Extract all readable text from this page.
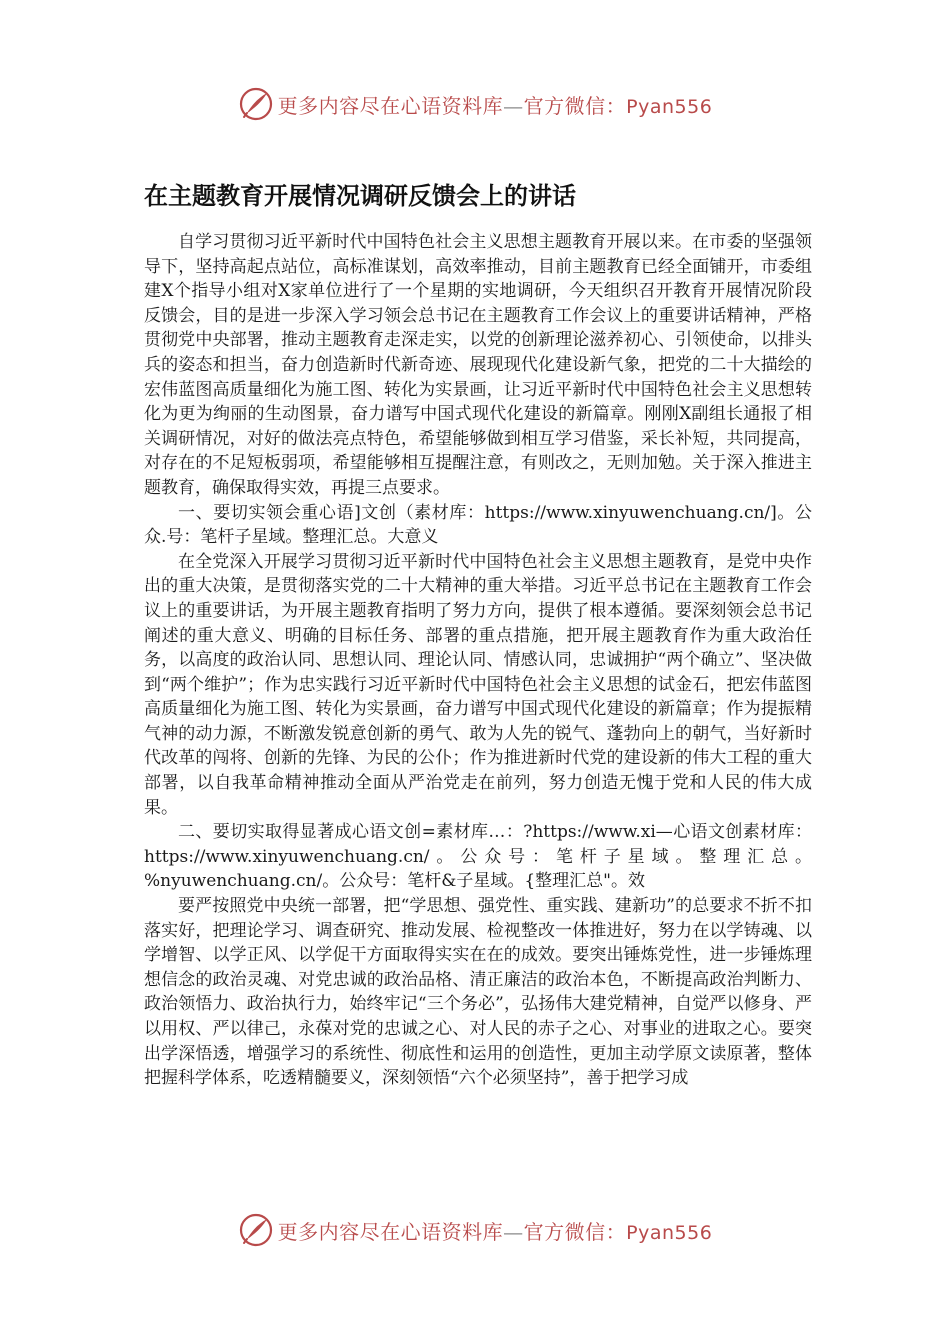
更多内容尽在心语资料库—官方微信：Pyan556
在主题教育开展情况调研反馈会上的讲话

自学习贯彻习近平新时代中国特色社会主义思想主题教育开展以来。在市委的坚强领导下，坚持高起点站位，高标准谋划，高效率推动，目前主题教育已经全面铺开，市委组建X个指导小组对X家单位进行了一个星期的实地调研，今天组织召开教育开展情况阶段反馈会，目的是进一步深入学习领会总书记在主题教育工作会议上的重要讲话精神，严格贯彻党中央部署，推动主题教育走深走实，以党的创新理论滋养初心、引领使命，以排头兵的姿态和担当，奋力创造新时代新奇迹、展现现代化建设新气象，把党的二十大描绘的宏伟蓝图高质量细化为施工图、转化为实景画，让习近平新时代中国特色社会主义思想转化为更为绚丽的生动图景，奋力谱写中国式现代化建设的新篇章。刚刚X副组长通报了相关调研情况，对好的做法亮点特色，希望能够做到相互学习借鉴，采长补短，共同提高，对存在的不足短板弱项，希望能够相互提醒注意，有则改之，无则加勉。关于深入推进主题教育，确保取得实效，再提三点要求。

一、要切实领会重心语]文创（素材库：https://www.xinyuwenchuang.cn/]。公众.号：笔杆子星域。整理汇总。大意义

在全党深入开展学习贯彻习近平新时代中国特色社会主义思想主题教育，是党中央作出的重大决策，是贯彻落实党的二十大精神的重大举措。习近平总书记在主题教育工作会议上的重要讲话，为开展主题教育指明了努力方向，提供了根本遵循。要深刻领会总书记阐述的重大意义、明确的目标任务、部署的重点措施，把开展主题教育作为重大政治任务，以高度的政治认同、思想认同、理论认同、情感认同，忠诚拥护“两个确立”、坚决做到“两个维护”；作为忠实践行习近平新时代中国特色社会主义思想的试金石，把宏伟蓝图高质量细化为施工图、转化为实景画，奋力谱写中国式现代化建设的新篇章；作为提振精气神的动力源，不断激发锐意创新的勇气、敢为人先的锐气、蓬勃向上的朝气，当好新时代改革的闯将、创新的先锋、为民的公仆；作为推进新时代党的建设新的伟大工程的重大部署，以自我革命精神推动全面从严治党走在前列，努力创造无愧于党和人民的伟大成果。

二、要切实取得显著成心语文创=素材库…：?https://www.xi—心语文创素材库：https://www.xinyuwenchuang.cn/。公众号：笔杆子星域。整理汇总。%nyuwenchuang.cn/。公众号：笔杆&子星域。{整理汇总"。效

要严按照党中央统一部署，把“学思想、强党性、重实践、建新功”的总要求不折不扣落实好，把理论学习、调查研究、推动发展、检视整改一体推进好，努力在以学铸魂、以学增智、以学正风、以学促干方面取得实实在在的成效。要突出锤炼党性，进一步锤炼理想信念的政治灵魂、对党忠诚的政治品格、清正廉洁的政治本色，不断提高政治判断力、政治领悟力、政治执行力，始终牢记“三个务必”，弘扬伟大建党精神，自觉严以修身、严以用权、严以律己，永葆对党的忠诚之心、对人民的赤子之心、对事业的进取之心。要突出学深悟透，增强学习的系统性、彻底性和运用的创造性，更加主动学原文读原著，整体把握科学体系，吃透精髓要义，深刻领悟“六个必须坚持”，善于把学习成

更多内容尽在心语资料库—官方微信：Pyan556
